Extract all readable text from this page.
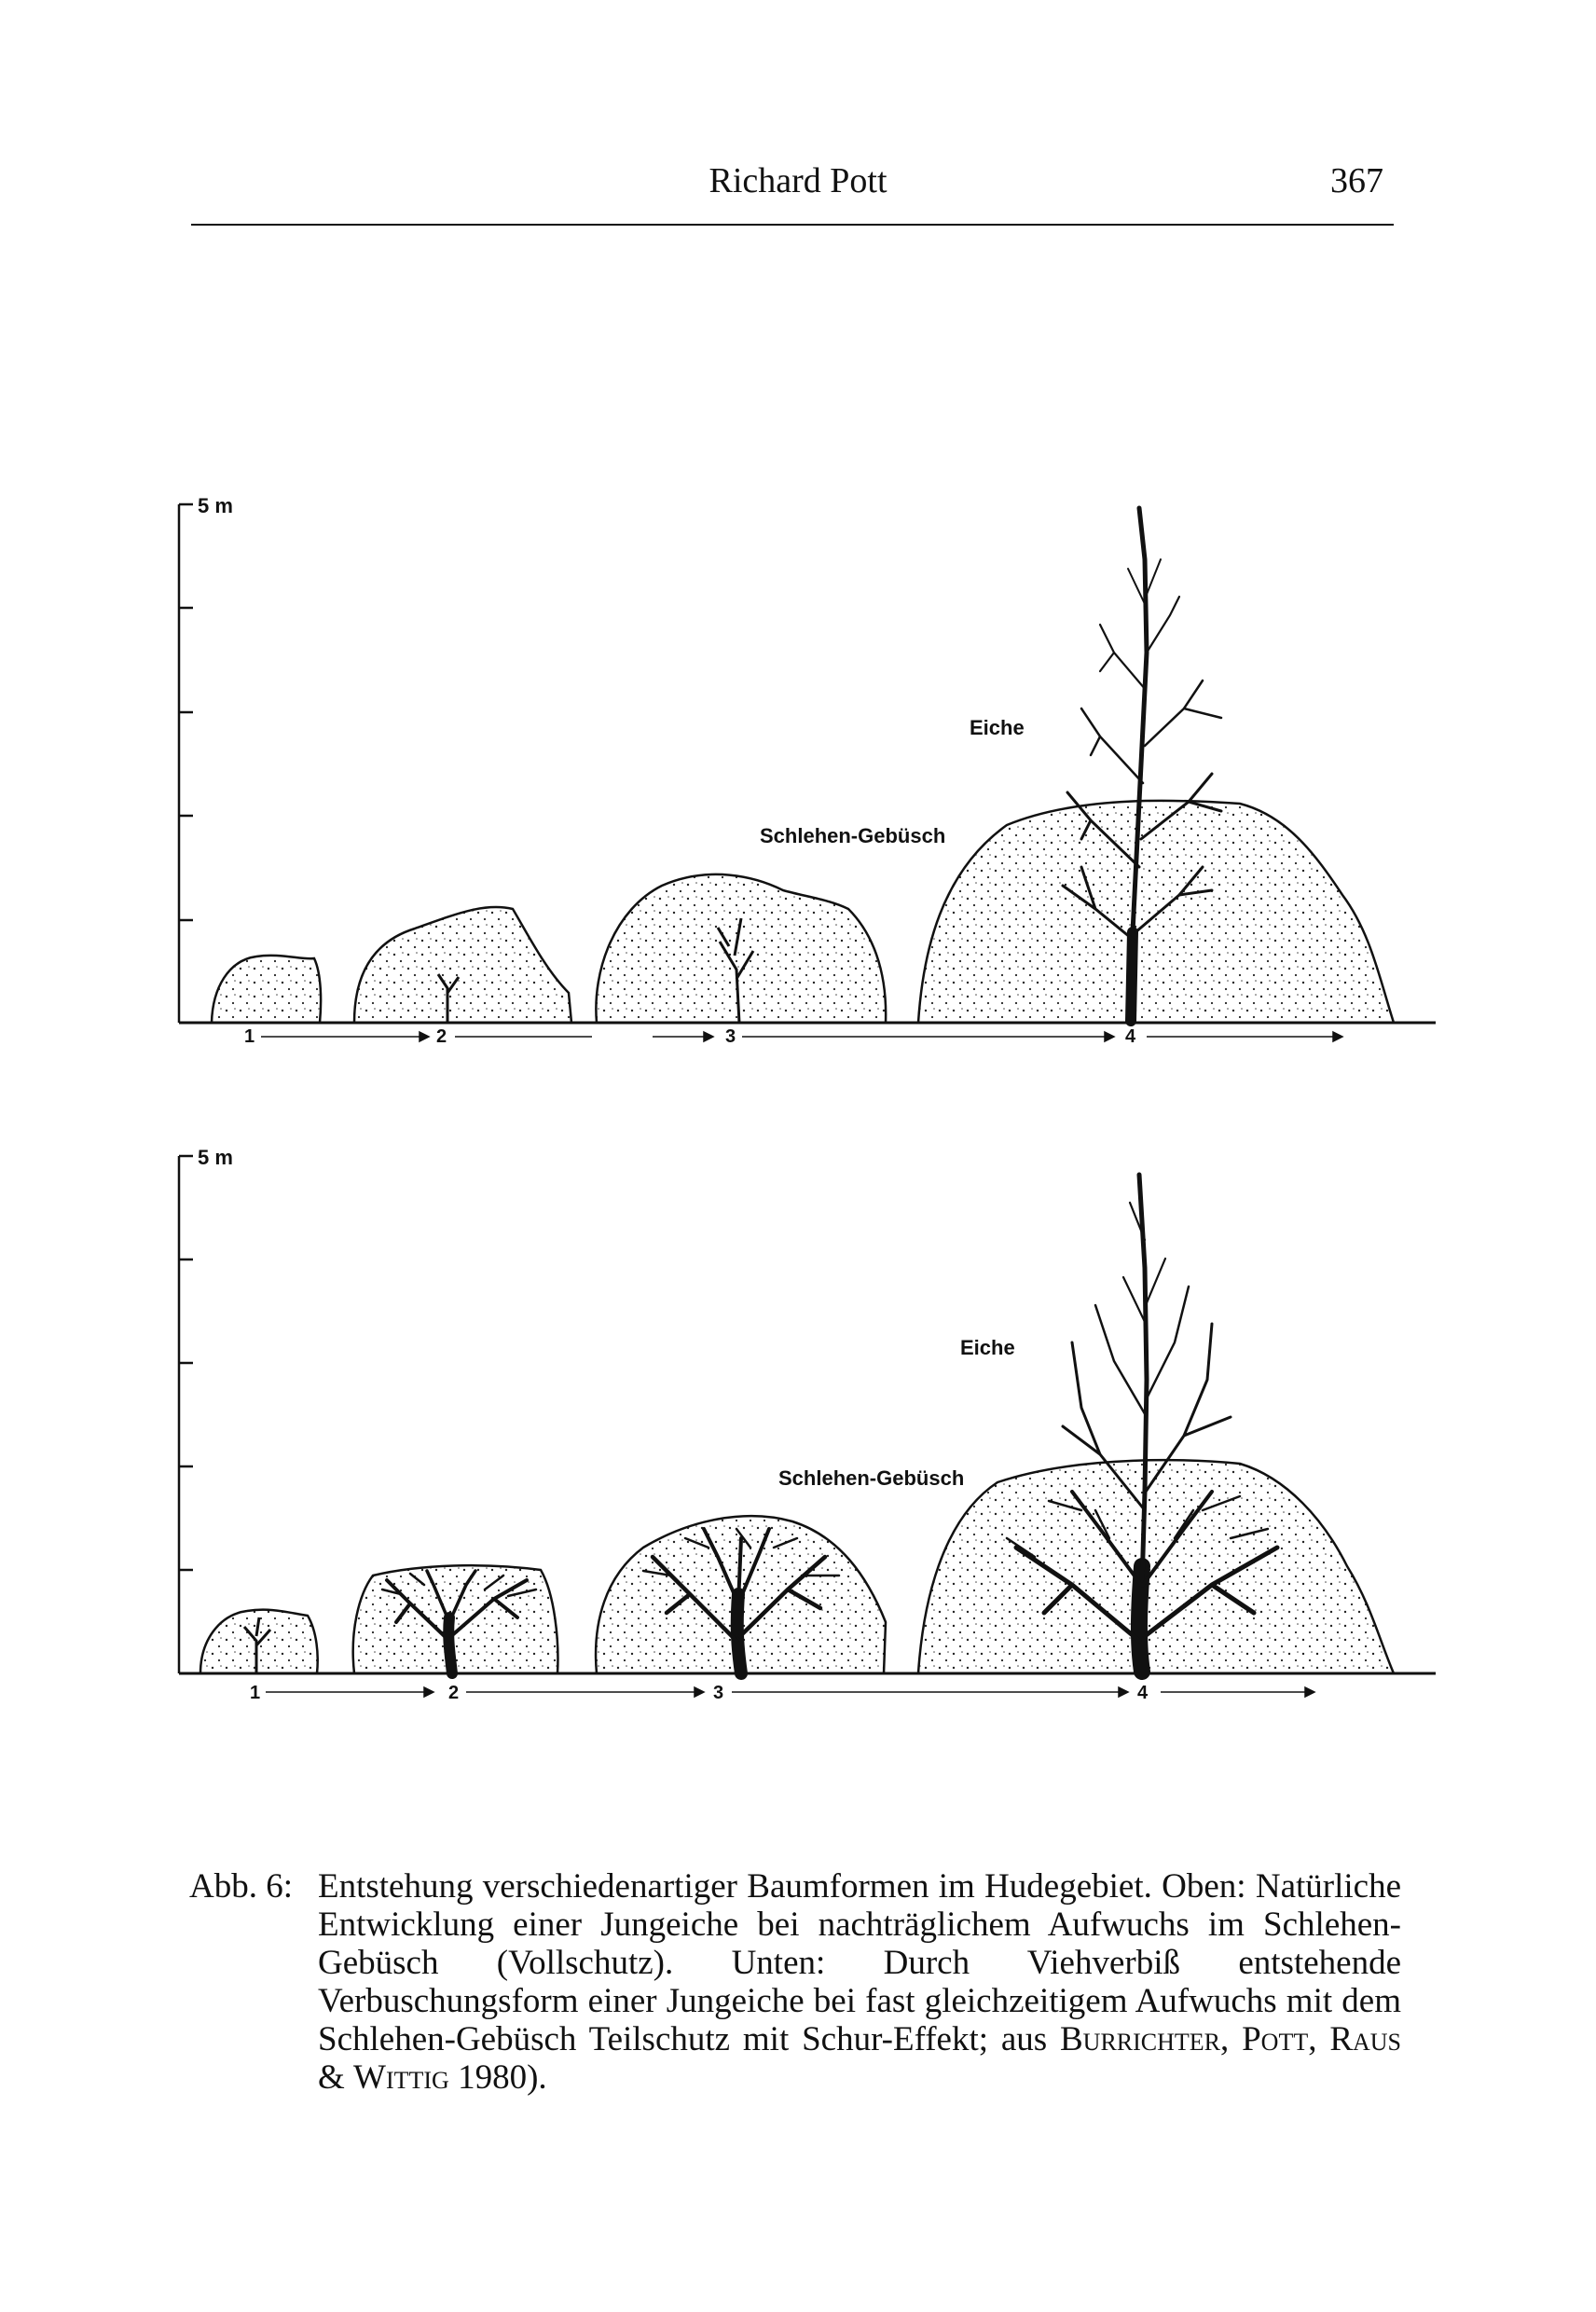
Richard Pott	367
5 m
Eiche
Schlehen-Gebüsch
1	2	3	4
5 m
Eiche
Schlehen-Gebüsch
1	2	3	4
Abb. 6: Entstehung verschiedenartiger Baumformen im Hudegebiet. Oben: Natürliche Entwicklung einer Jungeiche bei nachträglichem Aufwuchs im Schlehen-Gebüsch (Vollschutz). Unten: Durch Viehverbiß entstehende Verbuschungsform einer Jungeiche bei fast gleichzeitigem Aufwuchs mit dem Schlehen-Gebüsch Teilschutz mit Schur-Effekt; aus Burrichter, Pott, Raus & Wittig 1980).
